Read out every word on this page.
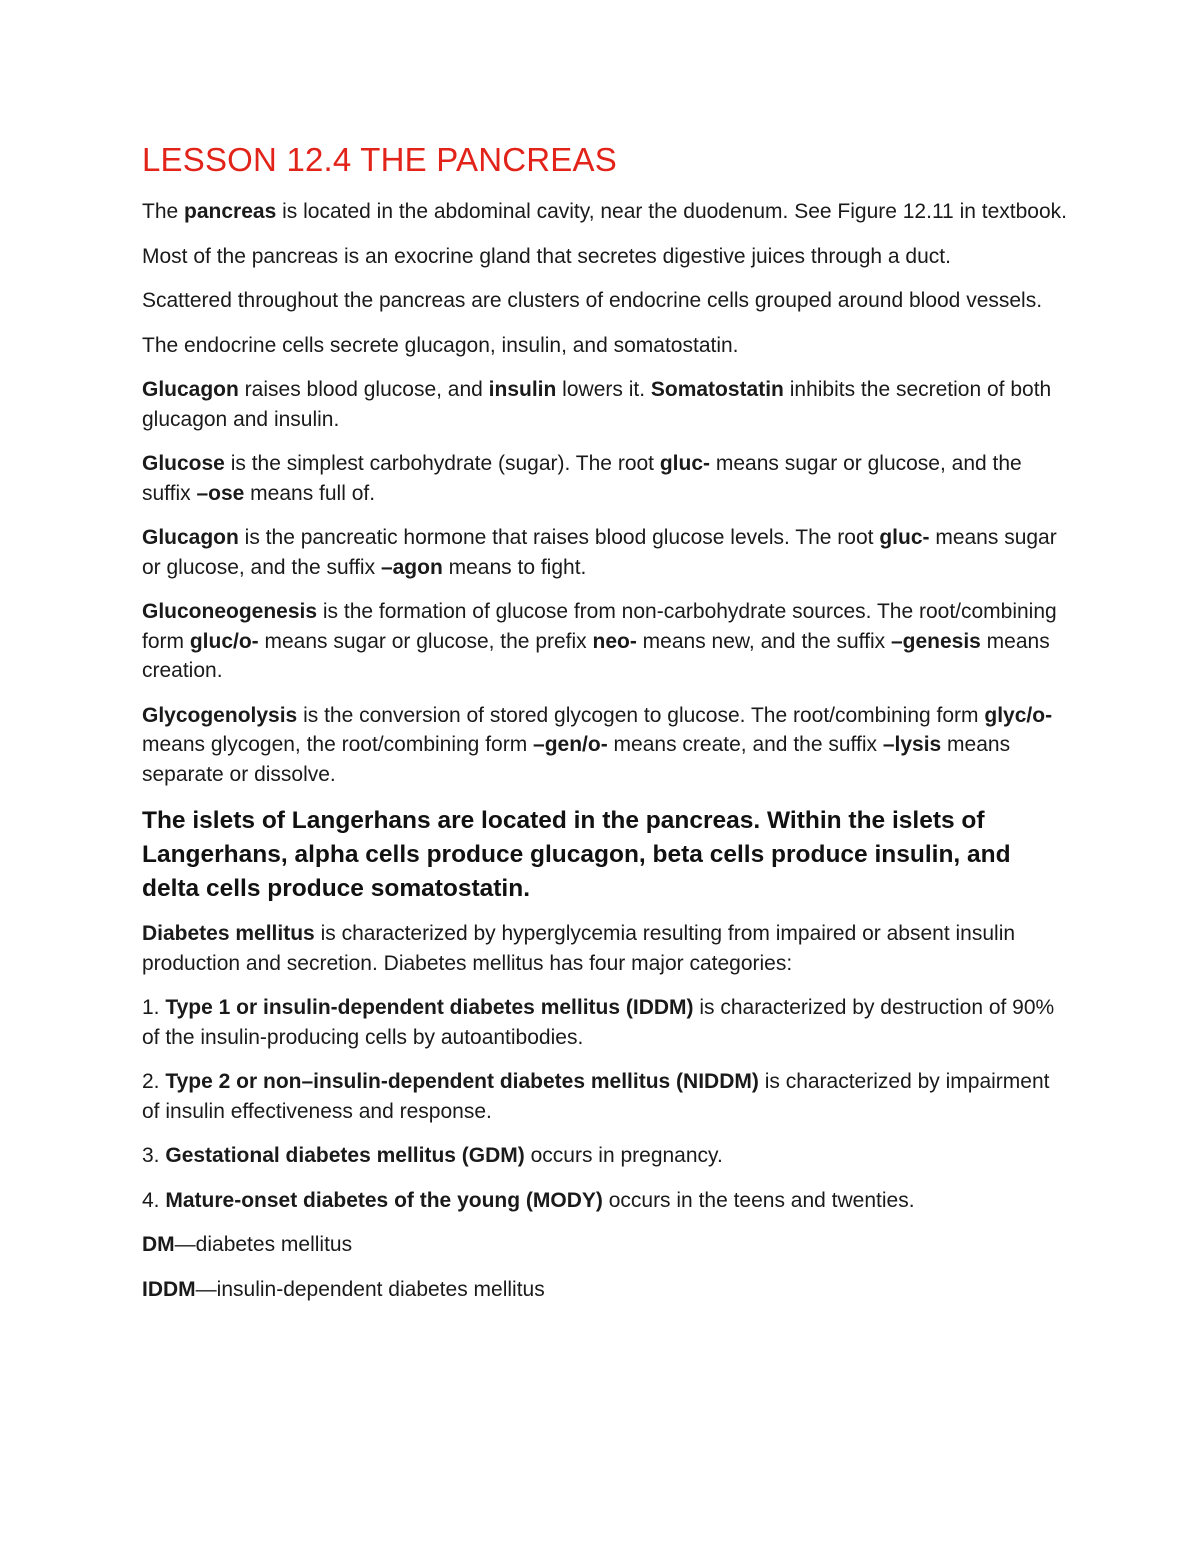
LESSON 12.4 THE PANCREAS

The pancreas is located in the abdominal cavity, near the duodenum. See Figure 12.11 in textbook.

Most of the pancreas is an exocrine gland that secretes digestive juices through a duct.

Scattered throughout the pancreas are clusters of endocrine cells grouped around blood vessels.

The endocrine cells secrete glucagon, insulin, and somatostatin.

Glucagon raises blood glucose, and insulin lowers it. Somatostatin inhibits the secretion of both glucagon and insulin.

Glucose is the simplest carbohydrate (sugar). The root gluc- means sugar or glucose, and the suffix –ose means full of.

Glucagon is the pancreatic hormone that raises blood glucose levels. The root gluc- means sugar or glucose, and the suffix –agon means to fight.

Gluconeogenesis is the formation of glucose from non-carbohydrate sources. The root/combining form gluc/o- means sugar or glucose, the prefix neo- means new, and the suffix –genesis means creation.

Glycogenolysis is the conversion of stored glycogen to glucose. The root/combining form glyc/o- means glycogen, the root/combining form –gen/o- means create, and the suffix –lysis means separate or dissolve.

The islets of Langerhans are located in the pancreas. Within the islets of Langerhans, alpha cells produce glucagon, beta cells produce insulin, and delta cells produce somatostatin.

Diabetes mellitus is characterized by hyperglycemia resulting from impaired or absent insulin production and secretion. Diabetes mellitus has four major categories:

1. Type 1 or insulin-dependent diabetes mellitus (IDDM) is characterized by destruction of 90% of the insulin-producing cells by autoantibodies.

2. Type 2 or non–insulin-dependent diabetes mellitus (NIDDM) is characterized by impairment of insulin effectiveness and response.

3. Gestational diabetes mellitus (GDM) occurs in pregnancy.

4. Mature-onset diabetes of the young (MODY) occurs in the teens and twenties.

DM—diabetes mellitus

IDDM—insulin-dependent diabetes mellitus
